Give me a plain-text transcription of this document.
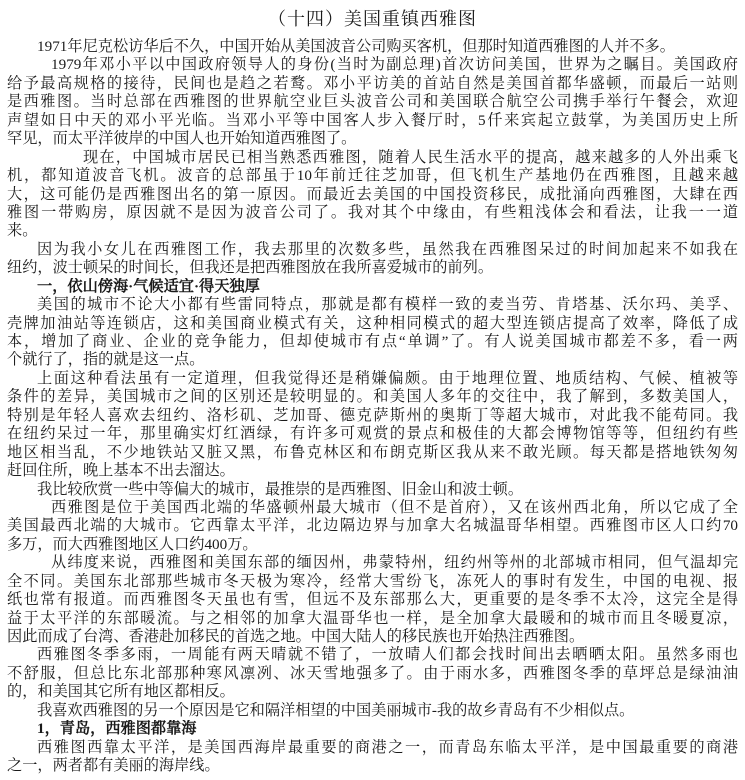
（十四）美国重镇西雅图
1971年尼克松访华后不久，中国开始从美国波音公司购买客机，但那时知道西雅图的人并不多。
1979年邓小平以中国政府领导人的身份(当时为副总理)首次访问美国，世界为之瞩目。美国政府
给予最高规格的接待，民间也是趋之若鹜。邓小平访美的首站自然是美国首都华盛顿，而最后一站则
是西雅图。当时总部在西雅图的世界航空业巨头波音公司和美国联合航空公司携手举行午餐会，欢迎
声望如日中天的邓小平光临。当邓小平等中国客人步入餐厅时，5仟来宾起立鼓掌，为美国历史上所
罕见，而太平洋彼岸的中国人也开始知道西雅图了。
现在，中国城市居民已相当熟悉西雅图，随着人民生活水平的提高，越来越多的人外出乘飞
机，都知道波音飞机。波音的总部虽于10年前迁往芝加哥，但飞机生产基地仍在西雅图，且越来越
大，这可能仍是西雅图出名的第一原因。而最近去美国的中国投资移民，成批涌向西雅图，大肆在西
雅图一带购房，原因就不是因为波音公司了。我对其个中缘由，有些粗浅体会和看法，让我一一道
来。
因为我小女儿在西雅图工作，我去那里的次数多些，虽然我在西雅图呆过的时间加起来不如我在
纽约，波士顿呆的时间长，但我还是把西雅图放在我所喜爱城市的前列。
一，依山傍海·气候适宜·得天独厚
美国的城市不论大小都有些雷同特点，那就是都有模样一致的麦当劳、肯塔基、沃尔玛、美孚、
壳牌加油站等连锁店，这和美国商业模式有关，这种相同模式的超大型连锁店提高了效率，降低了成
本，增加了商业、企业的竞争能力，但却使城市有点“单调”了。有人说美国城市都差不多，看一两
个就行了，指的就是这一点。
上面这种看法虽有一定道理，但我觉得还是稍嫌偏颇。由于地理位置、地质结构、气候、植被等
条件的差异，美国城市之间的区别还是较明显的。和美国人多年的交往中，我了解到，多数美国人，
特别是年轻人喜欢去纽约、洛杉矶、芝加哥、德克萨斯州的奥斯丁等超大城市，对此我不能苟同。我
在纽约呆过一年，那里确实灯红酒绿，有许多可观赏的景点和极佳的大都会博物馆等等，但纽约有些
地区相当乱，不少地铁站又脏又黑，布鲁克林区和布朗克斯区我从来不敢光顾。每天都是搭地铁匆匆
赶回住所，晚上基本不出去溜达。
我比较欣赏一些中等偏大的城市，最推崇的是西雅图、旧金山和波士顿。
西雅图是位于美国西北端的华盛顿州最大城市（但不是首府），又在该州西北角，所以它成了全
美国最西北端的大城市。它西靠太平洋，北边隔边界与加拿大名城温哥华相望。西雅图市区人口约70
多万，而大西雅图地区人口约400万。
从纬度来说，西雅图和美国东部的缅因州，弗蒙特州，纽约州等州的北部城市相同，但气温却完
全不同。美国东北部那些城市冬天极为寒冷，经常大雪纷飞，冻死人的事时有发生，中国的电视、报
纸也常有报道。而西雅图冬天虽也有雪，但远不及东部那么大，更重要的是冬季不太冷，这完全是得
益于太平洋的东部暖流。与之相邻的加拿大温哥华也一样，是全加拿大最暖和的城市而且冬暖夏凉，
因此而成了台湾、香港赴加移民的首选之地。中国大陆人的移民族也开始热注西雅图。
西雅图冬季多雨，一周能有两天晴就不错了，一放晴人们都会找时间出去晒晒太阳。虽然多雨也
不舒服，但总比东北部那种寒风凛冽、冰天雪地强多了。由于雨水多，西雅图冬季的草坪总是绿油油
的，和美国其它所有地区都相反。
我喜欢西雅图的另一个原因是它和隔洋相望的中国美丽城市-我的故乡青岛有不少相似点。
1，青岛，西雅图都靠海
西雅图西靠太平洋，是美国西海岸最重要的商港之一，而青岛东临太平洋，是中国最重要的商港
之一，两者都有美丽的海岸线。
